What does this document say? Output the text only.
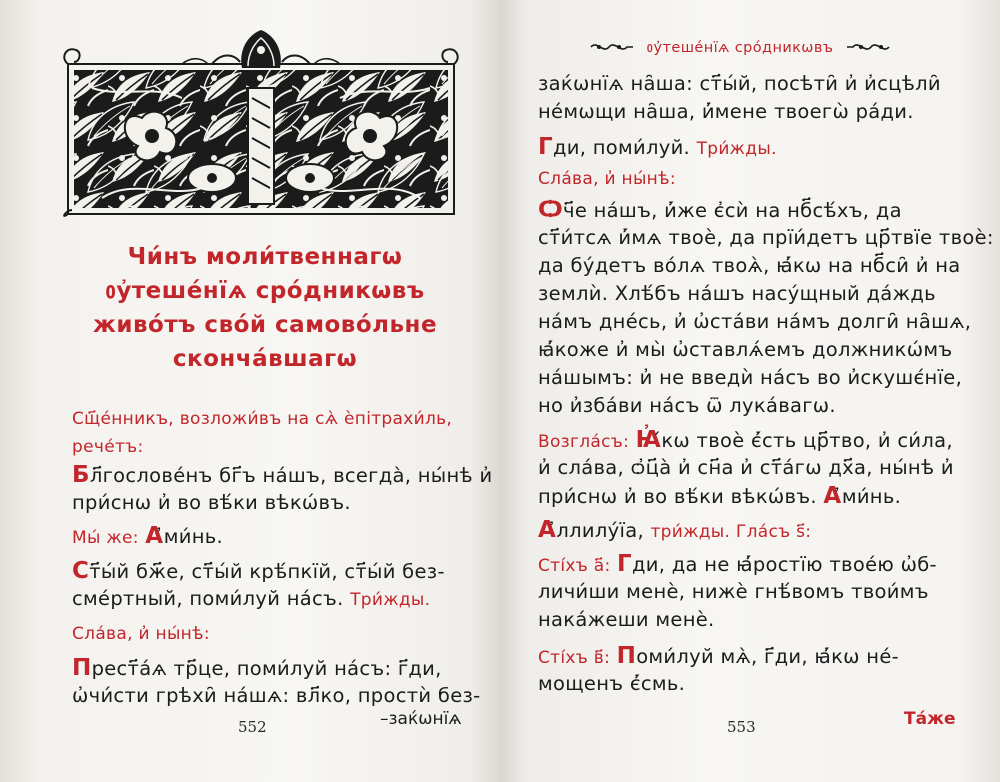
Чи́нъ моли́твеннагѡ
ᲂу҆теше́нїѧ сро́дникѡвъ
живо́тъ сво́й самово́льне
сконча́вшагѡ
Сщ҃е́нникъ, возложи́въ на сѧ̀ ѐпітрахи́ль,
рече́тъ:
Бл҃гослове́нъ бг҃ъ на́шъ, всегда̀, ны́нѣ и҆
при́снѡ и҆ во вѣ́ки вѣкѡ́въ.
Мы́ же: А҆ми́нь.
Ст҃ы́й бж҃е, ст҃ы́й крѣ́пкїй, ст҃ы́й без-
сме́ртный, поми́луй на́съ. Три́жды.
Сла́ва, и҆ ны́нѣ:
Прест҃а́ѧ тр҃це, поми́луй на́съ: г҃ди,
ѡ҆чи́сти грѣхи̑ на́шѧ: вл҃ко, простѝ без-
552	–заќѡнїѧ
ᲂу҆теше́нїѧ сро́дникѡвъ
заќѡнїѧ на̑ша: ст҃ы́й, посѣти̑ и҆ и҆сцѣли̑
не́мѡщи на̑ша, и҆́мене твоегѡ̀ ра́ди.
Гди, поми́луй. Три́жды.
Сла́ва, и҆ ны́нѣ:
Ѻч҃е на́шъ, и҆́же є҆сѝ на нб҃сѣ́хъ, да
ст҃и́тсѧ и҆́мѧ твоѐ, да прїи́детъ цр҃твїе твоѐ:
да бу́детъ во́лѧ твоѧ̀, ꙗ҆́кѡ на нб҃си̑ и҆ на
землѝ. Хлѣ́бъ на́шъ насу́щный да́ждь
на́мъ дне́сь, и҆ ѡ҆ста́ви на́мъ долги̑ на̑шѧ,
ꙗ҆́коже и҆ мы̀ ѡ҆ставлѧ́емъ должникѡ́мъ
на́шымъ: и҆ не введѝ на́съ во и҆скушє́нїе,
но и҆зба́ви на́съ ѿ лука́вагѡ.
Возгла́съ: Ꙗ҆́кѡ твоѐ є҆́сть цр҃тво, и҆ си́ла,
и҆ сла́ва, ѻ҆ц҃а̀ и҆ сн҃а и҆ ст҃а́гѡ дх҃а, ны́нѣ и҆
при́снѡ и҆ во вѣ́ки вѣкѡ́въ. А҆ми́нь.
А҆ллилу́їа, три́жды. Гла́съ ѕ҃:
Сті́хъ а҃: Гди, да не ꙗ҆́ростїю твое́ю ѡ҆б-
личи́ши менѐ, нижѐ гнѣ́вомъ твои́мъ
нака́жеши менѐ.
Сті́хъ в҃: Поми́луй мѧ̀, г҃ди, ꙗ҆́кѡ не́-
мощенъ є҆́смь.
553	Та́же
